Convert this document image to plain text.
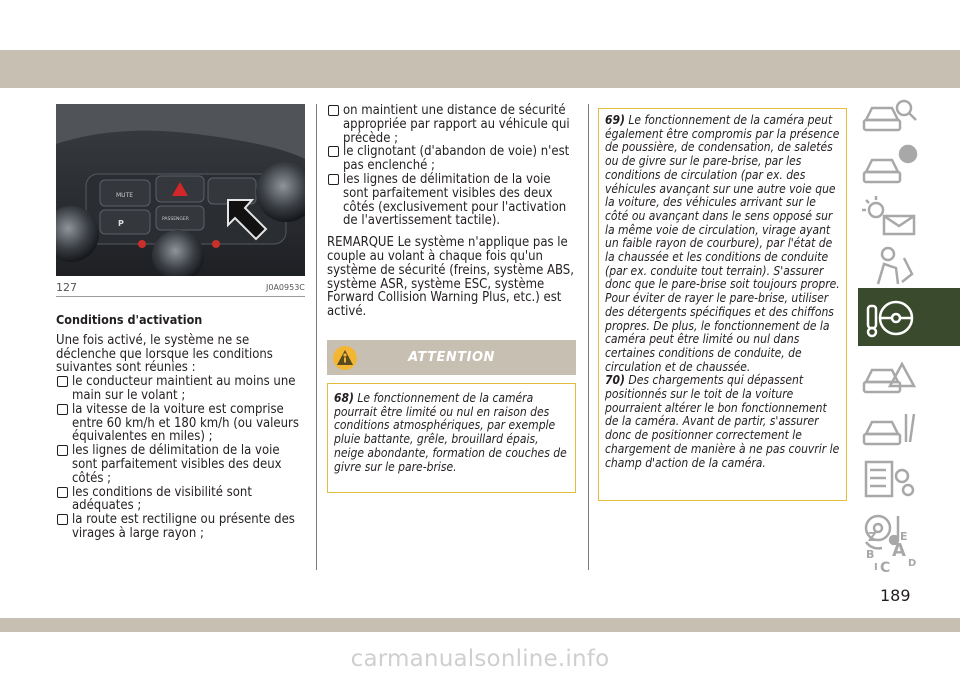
MUTE
P	PASSENGER
127	J0A0953C
Conditions d'activation

Une fois activé, le système ne se déclenche que lorsque les conditions suivantes sont réunies :

le conducteur maintient au moins une main sur le volant ;
la vitesse de la voiture est comprise entre 60 km/h et 180 km/h (ou valeurs équivalentes en miles) ;
les lignes de délimitation de la voie sont parfaitement visibles des deux côtés ;
les conditions de visibilité sont adéquates ;
la route est rectiligne ou présente des virages à large rayon ;
on maintient une distance de sécurité appropriée par rapport au véhicule qui précède ;
le clignotant (d'abandon de voie) n'est pas enclenché ;
les lignes de délimitation de la voie sont parfaitement visibles des deux côtés (exclusivement pour l'activation de l'avertissement tactile).

REMARQUE Le système n'applique pas le couple au volant à chaque fois qu'un système de sécurité (freins, système ABS, système ASR, système ESC, système Forward Collision Warning Plus, etc.) est activé.

ATTENTION
68) Le fonctionnement de la caméra pourrait être limité ou nul en raison des conditions atmosphériques, par exemple pluie battante, grêle, brouillard épais, neige abondante, formation de couches de givre sur le pare-brise.
69) Le fonctionnement de la caméra peut également être compromis par la présence de poussière, de condensation, de saletés ou de givre sur le pare-brise, par les conditions de circulation (par ex. des véhicules avançant sur une autre voie que la voiture, des véhicules arrivant sur le côté ou avançant dans le sens opposé sur la même voie de circulation, virage ayant un faible rayon de courbure), par l'état de la chaussée et les conditions de conduite (par ex. conduite tout terrain). S'assurer donc que le pare-brise soit toujours propre. Pour éviter de rayer le pare-brise, utiliser des détergents spécifiques et des chiffons propres. De plus, le fonctionnement de la caméra peut être limité ou nul dans certaines conditions de conduite, de circulation et de chaussée.
70) Des chargements qui dépassent positionnés sur le toit de la voiture pourraient altérer le bon fonctionnement de la caméra. Avant de partir, s'assurer donc de positionner correctement le chargement de manière à ne pas couvrir le champ d'action de la caméra.
Z E
A
B
C D
I
189
carmanualsonline.info
